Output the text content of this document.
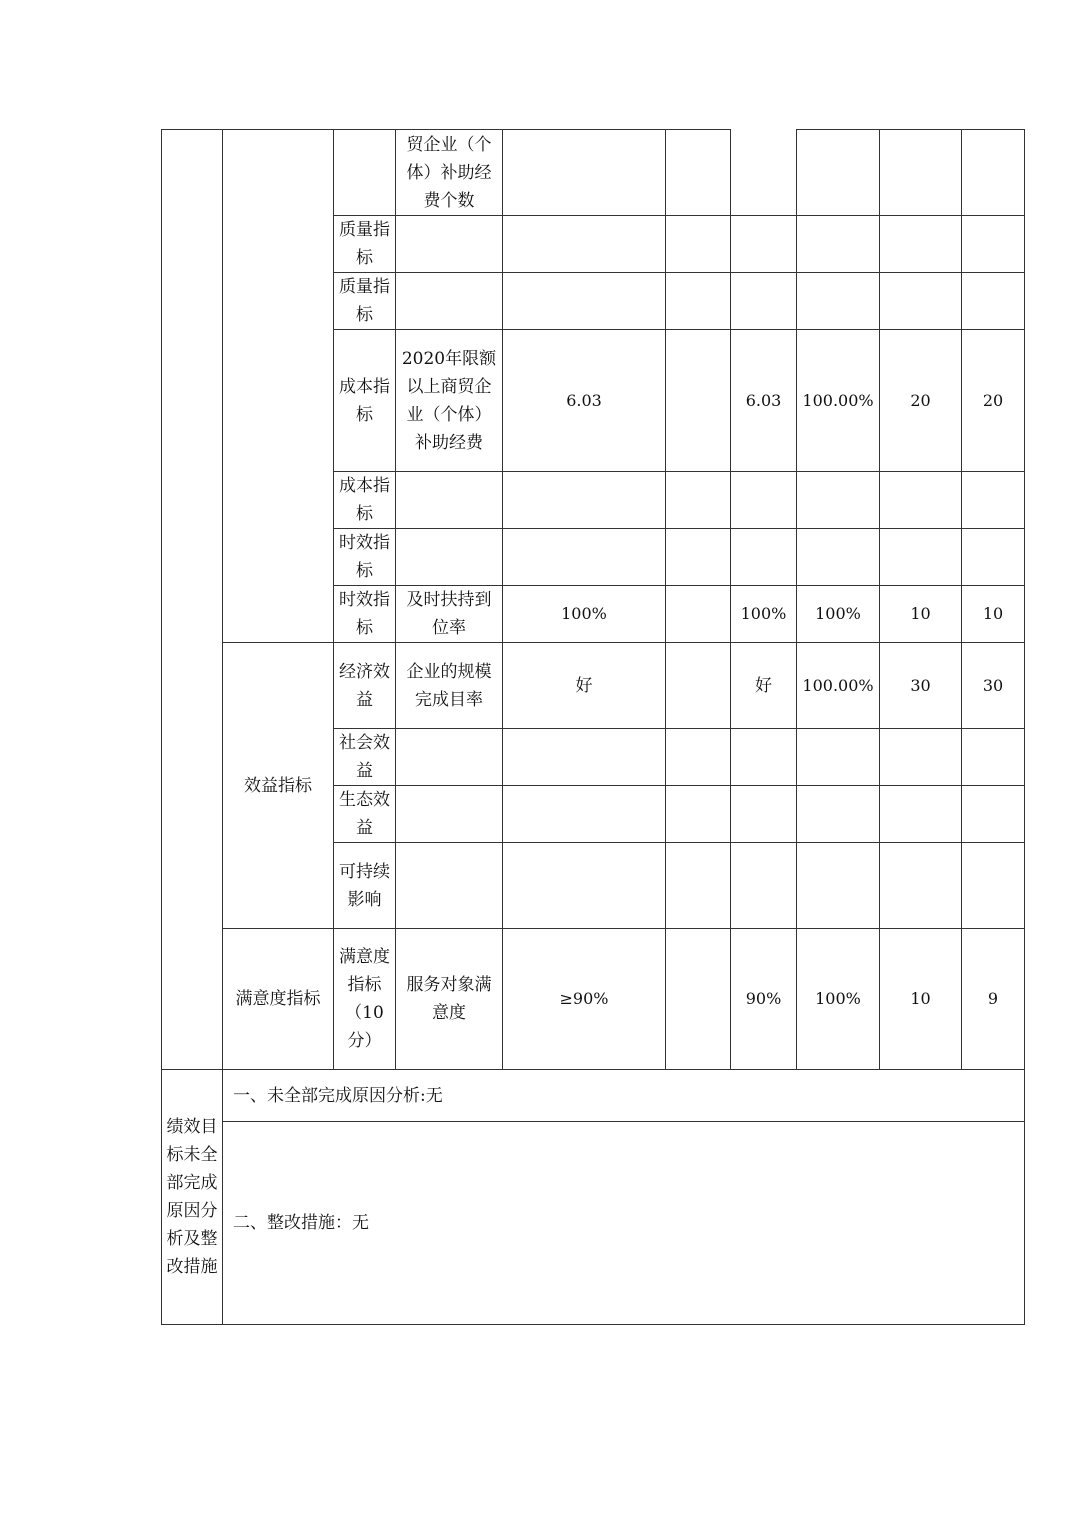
			贸企业（个体）补助经费个数						
		质量指标							
		质量指标							
		成本指标	2020年限额以上商贸企业（个体）补助经费	6.03		6.03	100.00%	20	20
		成本指标							
		时效指标							
		时效指标	及时扶持到位率	100%		100%	100%	10	10
	效益指标	经济效益	企业的规模完成目率	好		好	100.00%	30	30
		社会效益							
		生态效益							
		可持续影响							
	满意度指标	满意度指标（10分）	服务对象满意度	≥90%		90%	100%	10	9
绩效目标未全部完成原因分析及整改措施	一、未全部完成原因分析:无								
	二、整改措施：无								
